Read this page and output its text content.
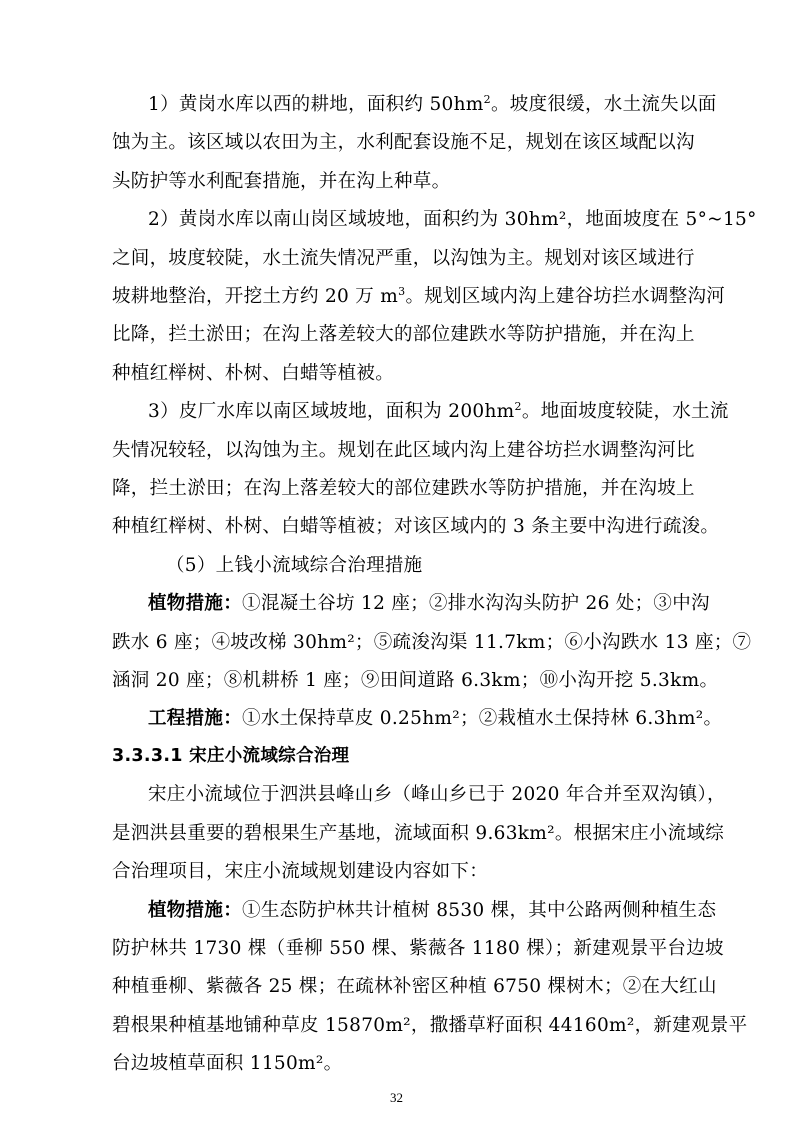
1）黄岗水库以西的耕地，面积约 $50hm^2$。坡度很缓，水土流失以面
蚀为主。该区域以农田为主，水利配套设施不足，规划在该区域配以沟
头防护等水利配套措施，并在沟上种草。
2）黄岗水库以南山岗区域坡地，面积约为 30hm²，地面坡度在 5°~15°
之间，坡度较陡，水土流失情况严重，以沟蚀为主。规划对该区域进行
坡耕地整治，开挖土方约 20 万 $m^3$。规划区域内沟上建谷坊拦水调整沟河
比降，拦土淤田；在沟上落差较大的部位建跌水等防护措施，并在沟上
种植红榉树、朴树、白蜡等植被。
3）皮厂水库以南区域坡地，面积为 $200hm^2$。地面坡度较陡，水土流
失情况较轻，以沟蚀为主。规划在此区域内沟上建谷坊拦水调整沟河比
降，拦土淤田；在沟上落差较大的部位建跌水等防护措施，并在沟坡上
种植红榉树、朴树、白蜡等植被；对该区域内的 3 条主要中沟进行疏浚。
（5）上钱小流域综合治理措施
植物措施：①混凝土谷坊 12 座；②排水沟沟头防护 26 处；③中沟
跌水 6 座；④坡改梯 30hm²；⑤疏浚沟渠 11.7km；⑥小沟跌水 13 座；⑦
涵洞 20 座；⑧机耕桥 1 座；⑨田间道路 6.3km；⑩小沟开挖 5.3km。
工程措施：①水土保持草皮 0.25hm²；②栽植水土保持林 6.3hm²。
3.3.3.1 宋庄小流域综合治理
宋庄小流域位于泗洪县峰山乡（峰山乡已于 2020 年合并至双沟镇），
是泗洪县重要的碧根果生产基地，流域面积 9.63km²。根据宋庄小流域综
合治理项目，宋庄小流域规划建设内容如下：
植物措施：①生态防护林共计植树 8530 棵，其中公路两侧种植生态
防护林共 1730 棵（垂柳 550 棵、紫薇各 1180 棵）；新建观景平台边坡
种植垂柳、紫薇各 25 棵；在疏林补密区种植 6750 棵树木；②在大红山
碧根果种植基地铺种草皮 15870m²，撒播草籽面积 44160m²，新建观景平
台边坡植草面积 1150m²。
32
